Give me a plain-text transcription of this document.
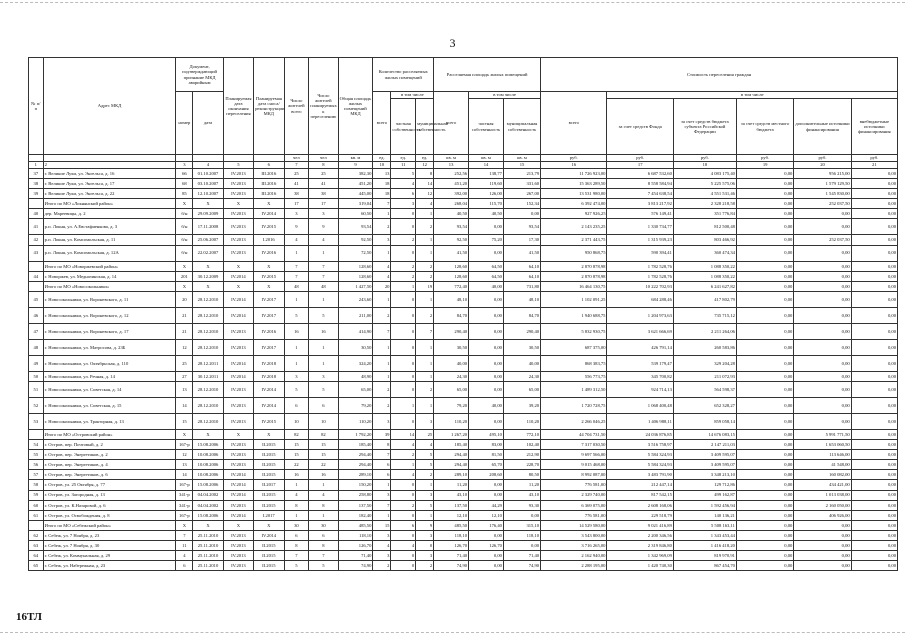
3
№ п/п	Адрес МКД	Документ, подтверждающий признание МКД аварийным		Планируемая дата окончания переселения	Планируемая дата сноса/ реконструкции МКД	Число жителей всего	Число жителей планируемых к переселению	Общая площадь жилых помещений МКД	Количество расселяемых жилых помещений			Расселяемая площадь жилых помещений			Стоимость переселения граждан					
		номер	дата						всего	в том числе		всего	в том числе		всего	в том числе				
										частная собственность	муниципальная собственность		частная собственность	муниципальная собственность		за счет средств Фонда	за счет средств бюджета субъекта Российской Федерации	за счет средств местного бюджета	дополнительные источники финансирования	внебюджетные источники финансирования
						чел	чел	кв. м	ед.	ед.	ед.	кв. м	кв. м	кв. м	руб.	руб.	руб.	руб.	руб.	руб.
1	2	3	4	5	6	7	8	9	10	11	12	13	14	15	16	17	18	19	20	21
37	г. Великие Луки, ул. Энгельса, д. 16	66	01.10.2007	IV.2013	III.2016	25	25	382,30	13	5	8	252,56	138,77	213,79	11 726 923,00	6 687 532,60	4 083 175,40	0,00	956 215,00	0,00
38	г. Великие Луки, ул. Энгельса, д. 17	68	03.10.2007	IV.2013	III.2016	41	41	451,20	18	4	14	451,20	119,60	331,60	15 363 289,50	8 558 584,94	5 225 575,06	0,00	1 579 129,50	0,00
39	г. Великие Луки, ул. Энгельса, д. 22	85	12.10.2007	IV.2013	III.2016	38	38	445,00	18	6	12	392,00	126,00	267,00	13 531 980,00	7 454 638,54	4 551 531,46	0,00	1 545 830,00	0,00
	Итого по МО «Локнянский район»	X	X	X	X	17	17	319,04	7	3	4	268,04	115,70	152,34	6 392 474,00	3 813 217,92	2 328 218,58	0,00	252 037,50	0,00
40	дер. Мареевицы, д. 2	б/н	29.09.2009	IV.2013	IV.2014	3	3	60,50	1	0	1	40,50	40,50	0,00	927 926,25	576 149,41	351 776,84	0,00	0,00	0,00
41	р.п. Локня, ул. А.Евстафиенкова, д. 3	б/н	17.11.2008	IV.2013	IV.2015	9	9	93,54	2	0	2	93,54	0,00	93,54	2 143 235,25	1 330 734,77	812 500,48	0,00	0,00	0,00
42	р.п. Локня, ул. Комсомольская, д. 11	б/н	25.06.2007	IV.2013	I.2016	4	4	92,50	3	2	1	92,50	75,20	17,30	2 371 443,75	1 315 939,23	803 466,92	0,00	252 037,50	0,00
43	р.п. Локня, ул. Комсомольская, д. 12А	б/н	22.02.2007	IV.2013	IV.2016	1	1	72,50	1	0	1	41,50	0,00	41,50	950 868,75	590 394,41	360 474,34	0,00	0,00	0,00
	Итого по МО «Новоржевский район»	X	X	X	X	7	7	128,60	4	2	2	128,60	64,50	64,10	2 870 878,98	1 782 528,76	1 088 350,22	0,00	0,00	0,00
44	г. Новоржев, ул. Медназинская, д. 14	201	30.12.2009	IV.2014	IV.2015	7	7	128,60	4	2	2	128,60	64,50	64,10	2 870 878,98	1 782 528,76	1 088 350,22	0,00	0,00	0,00
	Итого по МО «Новосокольники»	X	X	X	X	48	48	1 427,50	20	1	19	772,40	40,00	731,80	16 464 130,75	10 222 702,93	6 241 627,82	0,00	0,00	0,00
45	г. Новосокольники, ул. Вороневского, д. 11	20	28.12.2010	IV.2014	IV.2017	1	1	243,60	1	0	1	48,10	0,00	48,10	1 102 091,25	684 288,46	417 802,79	0,00	0,00	0,00
46	г. Новосокольники, ул. Вороневского, д. 12	21	28.12.2010	IV.2014	IV.2017	5	5	211,00	2	0	2	84,70	0,00	84,70	1 940 688,75	1 204 973,63	735 715,12	0,00	0,00	0,00
47	г. Новосокольники, ул. Вороневского, д. 17	21	28.12.2010	IV.2013	IV.2016	16	16	414,90	7	0	7	290,40	0,00	290,40	5 832 930,75	3 621 666,69	2 211 264,06	0,00	0,00	0,00
48	г. Новосокольники, ул. Матросова, д. 23Б	12	28.12.2010	IV.2013	IV.2017	1	1	30,50	1	0	1	30,50	0,00	30,50	687 375,00	426 791,14	260 583,86	0,00	0,00	0,00
49	г. Новосокольники, ул. Октябрьская, д. 110	25	28.12.2011	IV.2014	IV.2018	1	1	324,20	1	0	1	40,00	0,00	40,00	868 383,75	539 179,47	329 204,28	0,00	0,00	0,00
50	г. Новосокольники, ул. Речная, д. 14	27	30.12.2011	IV.2014	IV.2018	3	3	48,90	1	0	1	24,30	0,00	24,30	556 773,75	345 700,82	211 072,93	0,00	0,00	0,00
51	г. Новосокольники, ул. Советская, д. 14	13	28.12.2010	IV.2013	IV.2014	5	5	65,00	2	0	2	65,00	0,00	65,00	1 489 312,50	924 714,13	564 598,37	0,00	0,00	0,00
52	г. Новосокольники, ул. Советская, д. 15	14	28.12.2010	IV.2013	IV.2014	6	6	79,20	2	1	1	79,20	40,00	39,20	1 720 728,75	1 068 400,48	652 328,27	0,00	0,00	0,00
53	г. Новосокольники, ул. Тракторная, д. 13	15	28.12.2010	IV.2013	IV.2015	10	10	110,20	3	0	3	110,20	0,00	110,20	2 266 046,25	1 406 988,11	859 058,14	0,00	0,00	0,00
	Итого по МО «Островский район»	X	X	X	X	82	82	1 792,20	39	14	25	1 267,20	495,10	772,10	44 704 731,50	24 036 876,85	14 676 083,15	0,00	5 991 771,50	0,00
54	г. Остров, пер. Почтовый, д. 2	167-р	15.08.2006	IV.2013	II.2015	15	15	185,40	8	4	4	185,40	83,00	102,40	7 317 030,50	3 516 758,97	2 147 211,03	0,00	1 653 060,50	0,00
55	г. Остров, пер. Энергетиков, д. 2	12	10.08.2006	IV.2013	II.2015	15	15	294,40	7	2	5	294,40	81,50	212,90	9 697 566,00	5 584 324,93	3 409 595,07	0,00	113 646,00	0,00
56	г. Остров, пер. Энергетиков, д. 4	13	10.08.2006	IV.2013	II.2015	22	22	294,40	6	1	5	294,40	65,70	228,70	9 015 468,00	5 584 324,93	3 409 595,07	0,00	41 548,00	0,00
57	г. Остров, пер. Энергетиков, д. 6	14	10.08.2006	IV.2014	II.2015	16	16	289,10	6	4	2	289,10	208,60	80,50	8 992 087,00	3 483 791,90	3 348 213,10	0,00	160 082,00	0,00
58	г. Остров, ул. 25 Октября, д. 77	167-р	15.08.2006	IV.2014	II.2017	1	1	150,20	1	0	1	11,20	0,00	11,20	776 581,00	212 447,14	129 712,86	0,00	434 421,00	0,00
59	г. Остров, ул. Загородная, д. 13	341-р	04.04.2002	IV.2014	II.2015	4	4	258,80	3	0	3	43,10	0,00	43,10	2 329 740,00	817 542,15	499 162,87	0,00	1 013 038,00	0,00
60	г. Остров, ул. К.Назаровой, д. 6	341-р	04.04.2002	IV.2013	II.2015	8	8	137,50	7	2	5	137,50	44,29	93,30	6 369 075,00	2 608 168,06	1 592 456,94	0,00	2 160 050,00	0,00
61	г. Остров, ул. Освобождения, д. 8	167-р	15.08.2006	IV.2014	I.2017	1	1	182,40	1	0	1	12,10	12,10	0,00	776 581,00	229 518,79	140 136,21	0,00	406 926,00	0,00
	Итого по МО «Себежский район»	X	X	X	X	30	30	485,50	15	6	9	485,50	176,40	315,10	14 529 580,00	9 021 416,89	5 508 163,11	0,00	0,00	0,00
62	г. Себеж, ул. 7 Ноября, д. 23	7	25.11.2010	IV.2013	IV.2014	6	6	118,10	3	0	3	118,10	0,00	118,10	3 543 800,00	2 200 346,56	1 343 453,44	0,00	0,00	0,00
63	г. Себеж, ул. 7 Ноября, д. 30	11	25.11.2010	IV.2013	II.2015	8	8	126,70	4	4	0	126,70	126,70	0,00	3 716 265,00	2 319 846,80	1 416 418,20	0,00	0,00	0,00
64	г. Себеж, ул. Коммунальная, д. 29	4	25.11.2010	IV.2013	II.2015	7	7	71,40	3	0	3	71,40	0,00	71,40	2 162 940,00	1 342 969,09	819 970,91	0,00	0,00	0,00
65	г. Себеж, ул. Набережная, д. 23	6	25.11.2010	IV.2013	II.2015	5	5	74,90	2	0	2	74,90	0,00	74,90	2 288 195,00	1 420 740,30	867 454,70	0,00	0,00	0,00
16ТЛ
